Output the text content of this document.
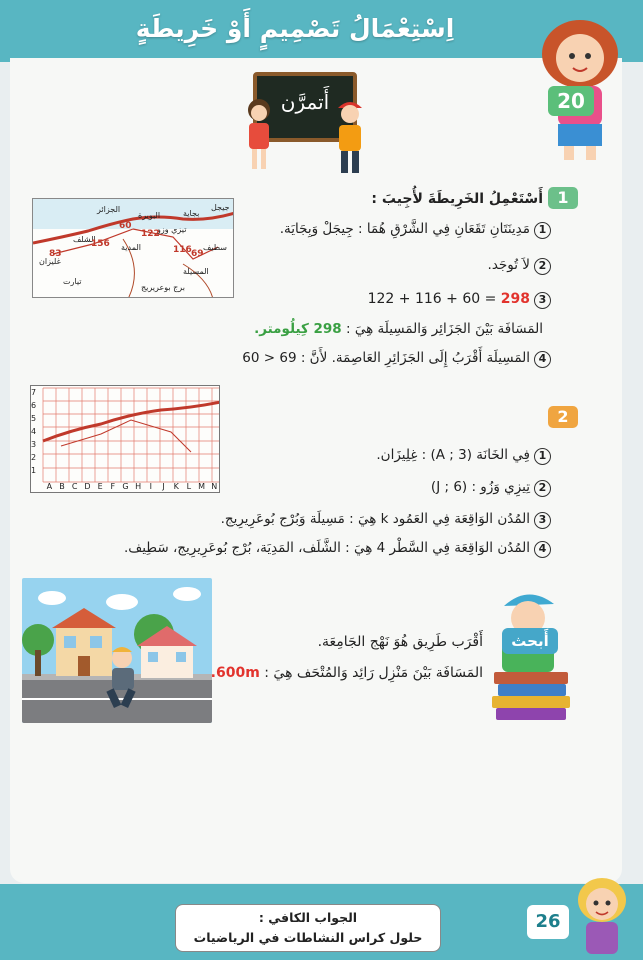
اِسْتِعْمَالُ تَصْمِيمٍ أَوْ خَرِيطَةٍ
20
أَتمرَّن
1
أَسْتَعْمِلُ الخَرِيطَةَ لأُجِيبَ :
الجزائر
البويرة	بجاية
جيجل
سطيف
المسيلة
الشلف
المدية
تيارت
غليزان
برج بوعريريج
تيزي وزو
60
122
116
156
69
83
1مَدِينَتَانِ تَقَعَانِ فِي الشَّرْقِ هُمَا : جِيجَلْ وَبِجَايَة.
2لاَ تُوجَد.
3298 122 + 116 + 60 =
المَسَافَة بَيْنَ الجَزَائِر وَالمَسِيلَة هِيَ : 298 كِيلُومتر.
4المَسِيلَة أَقْرَبُ إِلَى الجَزَائِرِ العَاصِمَة. لأَنَّ : 60 > 69
2
7
6
5
4
3
2
1
A B C D E F G H	I	J	K L M N
1فِي الخَانَة (A ; 3) : غِلِيزَان.
2تِيزِي وَزُو : (J ; 6)
3المُدُن الوَاقِعَة فِي العَمُود k هِيَ : مَسِيلَة وَبُرْج بُوعَرِيرِيج.
4المُدُن الوَاقِعَة فِي السَّطْر 4 هِيَ : الشَّلَف، المَدِيَة، بُرْج بُوعَرِيرِيج، سَطِيف.
أَبحث
أَقْرَب طَرِيق هُوَ نَهْج الجَامِعَة.
المَسَافَة بَيْنَ مَنْزِل رَائِد وَالمُتْحَف هِيَ : 600m.
الجواب الكافي :
حلول كراس النشاطات في الرياضيات
26
